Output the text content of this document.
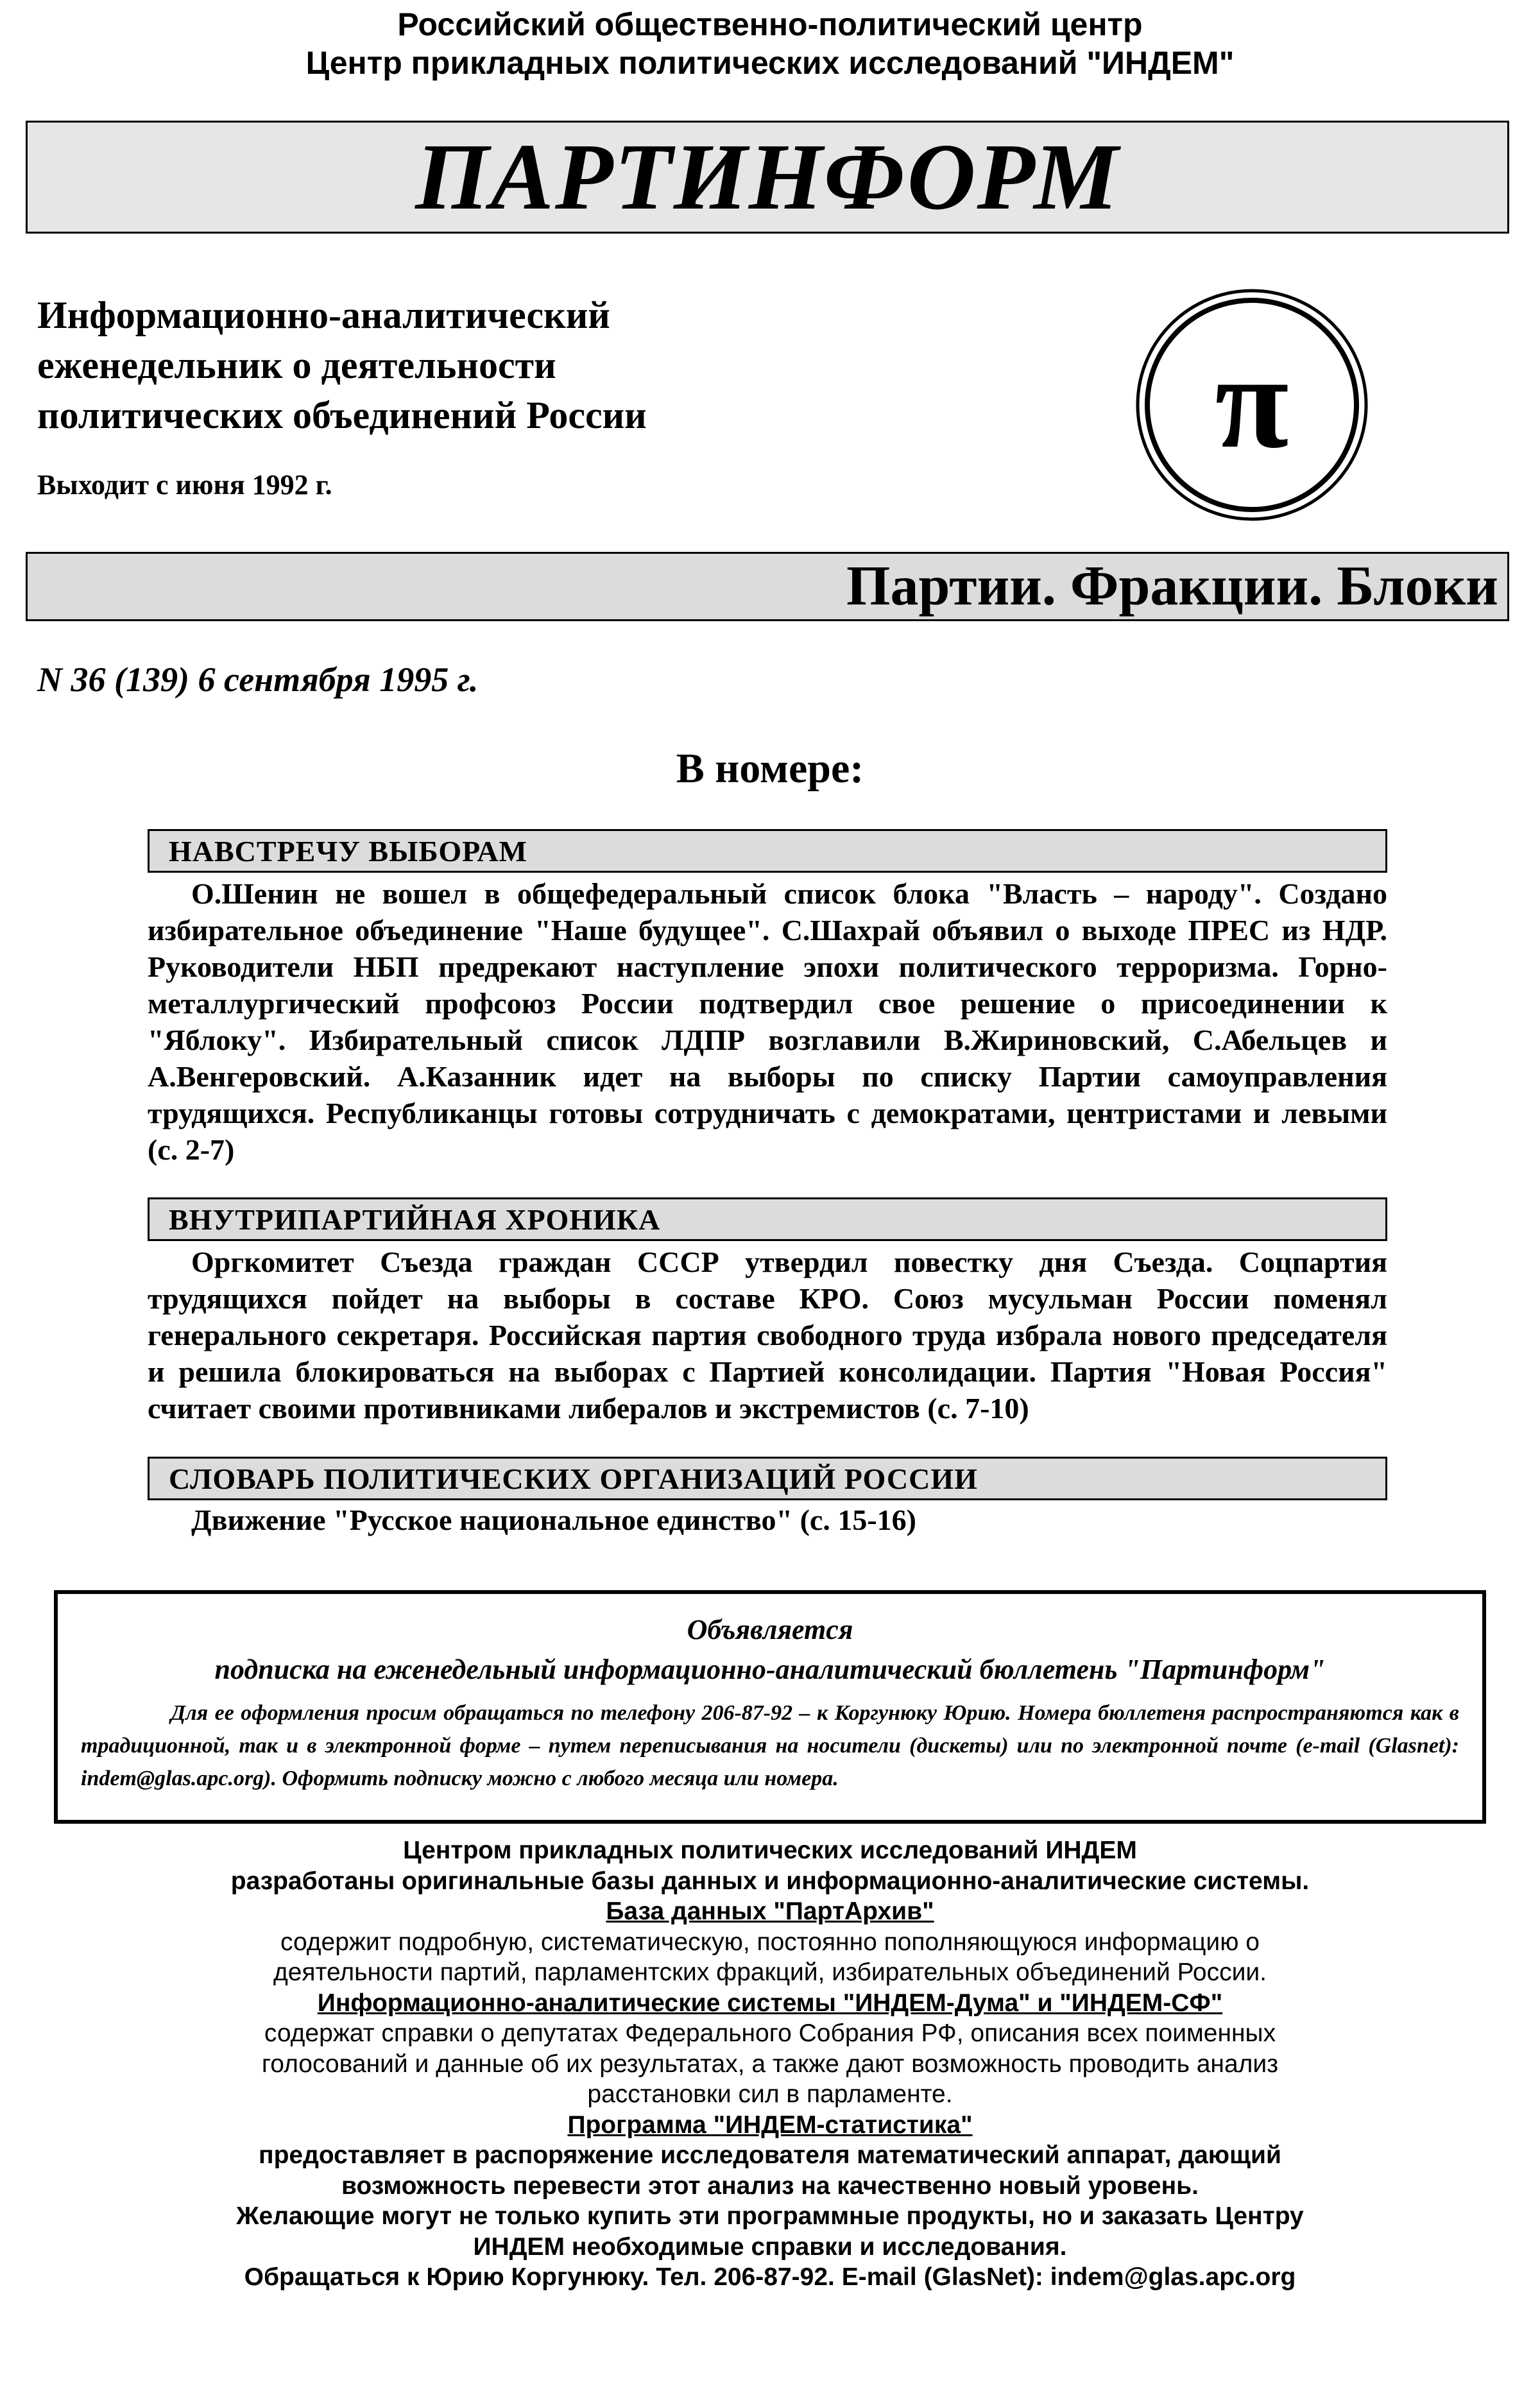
Российский общественно-политический центр

Центр прикладных политических исследований "ИНДЕМ"

ПАРТИНФОРМ
Информационно-аналитический
еженедельник о деятельности
политических объединений России

Выходит с июня 1992 г.

π
Партии. Фракции. Блоки

N 36 (139) 6 сентября 1995 г.

В номере:
НАВСТРЕЧУ ВЫБОРАМ

О.Шенин не вошел в общефедеральный список блока "Власть – народу". Создано избирательное объединение "Наше будущее". С.Шахрай объявил о выходе ПРЕС из НДР. Руководители НБП предрекают наступление эпохи политического терроризма. Горно-металлургический профсоюз России подтвердил свое решение о присоединении к "Яблоку". Избирательный список ЛДПР возглавили В.Жириновский, С.Абельцев и А.Венгеровский. А.Казанник идет на выборы по списку Партии самоуправления трудящихся. Республиканцы готовы сотрудничать с демократами, центристами и левыми (с. 2-7)

ВНУТРИПАРТИЙНАЯ ХРОНИКА

Оргкомитет Съезда граждан СССР утвердил повестку дня Съезда. Соцпартия трудящихся пойдет на выборы в составе КРО. Союз мусульман России поменял генерального секретаря. Российская партия свободного труда избрала нового председателя и решила блокироваться на выборах с Партией консолидации. Партия "Новая Россия" считает своими противниками либералов и экстремистов (с. 7-10)

СЛОВАРЬ ПОЛИТИЧЕСКИХ ОРГАНИЗАЦИЙ РОССИИ

Движение "Русское национальное единство" (с. 15-16)

Объявляется

подписка на еженедельный информационно-аналитический бюллетень "Партинформ"

Для ее оформления просим обращаться по телефону 206-87-92 – к Коргунюку Юрию. Номера бюллетеня распространяются как в традиционной, так и в электронной форме – путем переписывания на носители (дискеты) или по электронной почте (e-mail (Glasnet): indem@glas.apc.org). Оформить подписку можно с любого месяца или номера.

Центром прикладных политических исследований ИНДЕМ

разработаны оригинальные базы данных и информационно-аналитические системы.

База данных "ПартАрхив"

содержит подробную, систематическую, постоянно пополняющуюся информацию о

деятельности партий, парламентских фракций, избирательных объединений России.

Информационно-аналитические системы "ИНДЕМ-Дума" и "ИНДЕМ-СФ"

содержат справки о депутатах Федерального Собрания РФ, описания всех поименных

голосований и данные об их результатах, а также дают возможность проводить анализ

расстановки сил в парламенте.

Программа "ИНДЕМ-статистика"

предоставляет в распоряжение исследователя математический аппарат, дающий

возможность перевести этот анализ на качественно новый уровень.

Желающие могут не только купить эти программные продукты, но и заказать Центру

ИНДЕМ необходимые справки и исследования.

Обращаться к Юрию Коргунюку. Тел. 206-87-92. E-mail (GlasNet): indem@glas.apc.org
